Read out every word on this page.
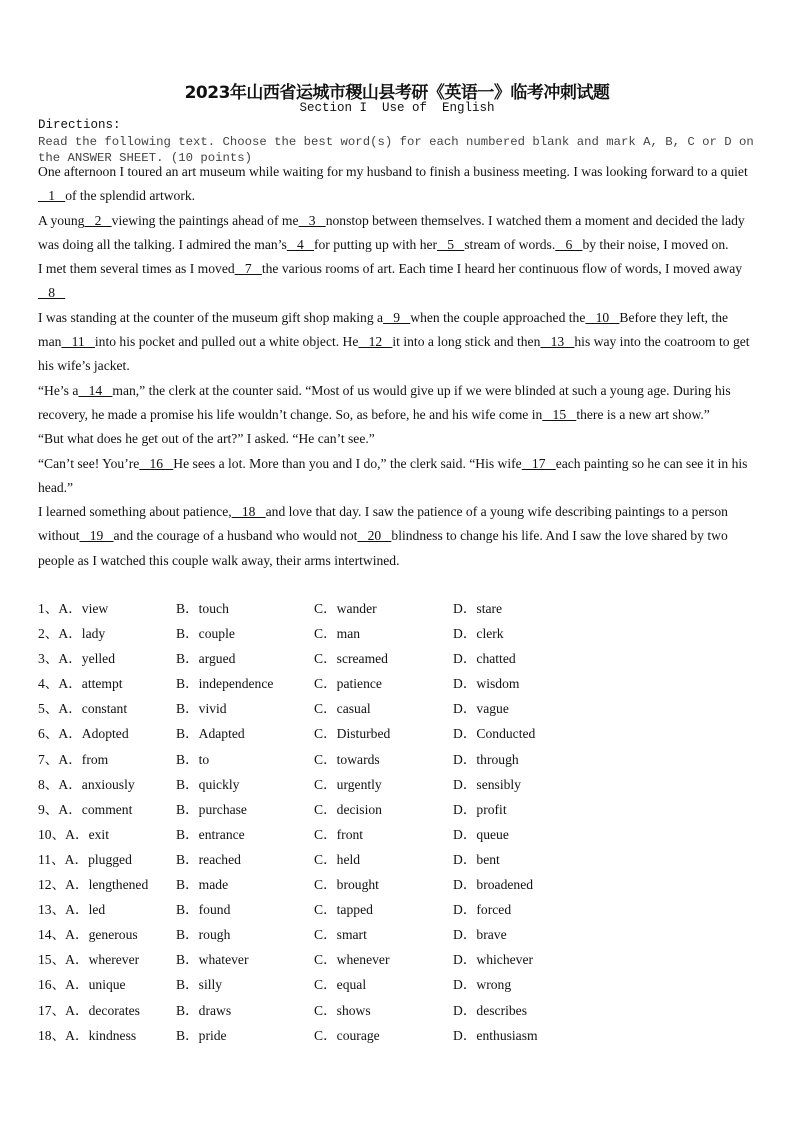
2023年山西省运城市稷山县考研《英语一》临考冲刺试题
Section I  Use of  English
Directions:
Read the following text. Choose the best word(s) for each numbered blank and mark A, B, C or D on the ANSWER SHEET. (10 points)

One afternoon I toured an art museum while waiting for my husband to finish a business meeting. I was looking forward to a quiet   1   of the splendid artwork.

A young   2   viewing the paintings ahead of me   3   nonstop between themselves. I watched them a moment and decided the lady was doing all the talking. I admired the man’s   4   for putting up with her   5   stream of words.   6   by their noise, I moved on.

I met them several times as I moved   7   the various rooms of art. Each time I heard her continuous flow of words, I moved away   8

I was standing at the counter of the museum gift shop making a   9   when the couple approached the   10   Before they left, the man   11   into his pocket and pulled out a white object. He   12   it into a long stick and then   13   his way into the coatroom to get his wife’s jacket.

“He’s a   14   man,” the clerk at the counter said. “Most of us would give up if we were blinded at such a young age. During his recovery, he made a promise his life wouldn’t change. So, as before, he and his wife come in   15   there is a new art show.”

“But what does he get out of the art?” I asked. “He can’t see.”

“Can’t see! You’re   16   He sees a lot. More than you and I do,” the clerk said. “His wife   17   each painting so he can see it in his head.”

I learned something about patience,   18   and love that day. I saw the patience of a young wife describing paintings to a person without   19   and the courage of a husband who would not   20   blindness to change his life. And I saw the love shared by two people as I watched this couple walk away, their arms intertwined.

1、A．view	B．touch	C．wander	D．stare
2、A．lady	B．couple	C．man	D．clerk
3、A．yelled	B．argued	C．screamed	D．chatted
4、A．attempt	B．independence	C．patience	D．wisdom
5、A．constant	B．vivid	C．casual	D．vague
6、A．Adopted	B．Adapted	C．Disturbed	D．Conducted
7、A．from	B．to	C．towards	D．through
8、A．anxiously	B．quickly	C．urgently	D．sensibly
9、A．comment	B．purchase	C．decision	D．profit
10、A．exit	B．entrance	C．front	D．queue
11、A．plugged	B．reached	C．held	D．bent
12、A．lengthened B．made	C．brought	D．broadened
13、A．led	B．found	C．tapped	D．forced
14、A．generous	B．rough	C．smart	D．brave
15、A．wherever	B．whatever	C．whenever	D．whichever
16、A．unique	B．silly	C．equal	D．wrong
17、A．decorates	B．draws	C．shows	D．describes
18、A．kindness	B．pride	C．courage	D．enthusiasm
